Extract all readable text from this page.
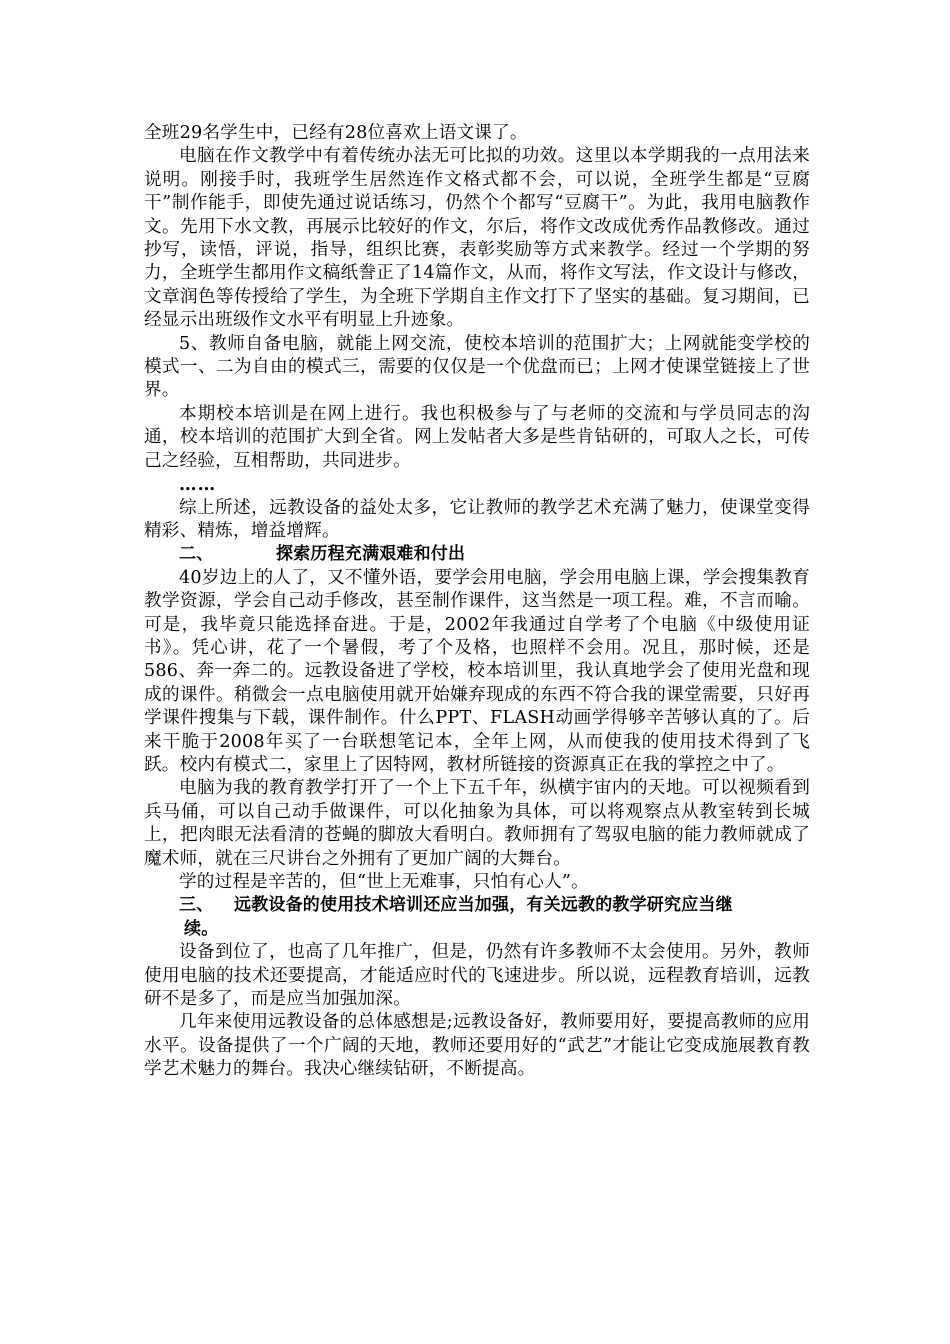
全班29名学生中，已经有28位喜欢上语文课了。

电脑在作文教学中有着传统办法无可比拟的功效。这里以本学期我的一点用法来说明。刚接手时，我班学生居然连作文格式都不会，可以说，全班学生都是“豆腐干”制作能手，即使先通过说话练习，仍然个个都写“豆腐干”。为此，我用电脑教作文。先用下水文教，再展示比较好的作文，尔后，将作文改成优秀作品教修改。通过抄写，读悟，评说，指导，组织比赛，表彰奖励等方式来教学。经过一个学期的努力，全班学生都用作文稿纸誊正了14篇作文，从而，将作文写法，作文设计与修改，文章润色等传授给了学生，为全班下学期自主作文打下了坚实的基础。复习期间，已经显示出班级作文水平有明显上升迹象。

5、教师自备电脑，就能上网交流，使校本培训的范围扩大；上网就能变学校的模式一、二为自由的模式三，需要的仅仅是一个优盘而已；上网才使课堂链接上了世界。

本期校本培训是在网上进行。我也积极参与了与老师的交流和与学员同志的沟通，校本培训的范围扩大到全省。网上发帖者大多是些肯钻研的，可取人之长，可传己之经验，互相帮助，共同进步。

……

综上所述，远教设备的益处太多，它让教师的教学艺术充满了魅力，使课堂变得精彩、精炼，增益增辉。

二、	探索历程充满艰难和付出

40岁边上的人了，又不懂外语，要学会用电脑，学会用电脑上课，学会搜集教育教学资源，学会自己动手修改，甚至制作课件，这当然是一项工程。难，不言而喻。可是，我毕竟只能选择奋进。于是，2002年我通过自学考了个电脑《中级使用证书》。凭心讲，花了一个暑假，考了个及格，也照样不会用。况且，那时候，还是586、奔一奔二的。远教设备进了学校，校本培训里，我认真地学会了使用光盘和现成的课件。稍微会一点电脑使用就开始嫌弃现成的东西不符合我的课堂需要，只好再学课件搜集与下载，课件制作。什么PPT、FLASH动画学得够辛苦够认真的了。后来干脆于2008年买了一台联想笔记本，全年上网，从而使我的使用技术得到了飞跃。校内有模式二，家里上了因特网，教材所链接的资源真正在我的掌控之中了。

电脑为我的教育教学打开了一个上下五千年，纵横宇宙内的天地。可以视频看到兵马俑，可以自己动手做课件，可以化抽象为具体，可以将观察点从教室转到长城上，把肉眼无法看清的苍蝇的脚放大看明白。教师拥有了驾驭电脑的能力教师就成了魔术师，就在三尺讲台之外拥有了更加广阔的大舞台。

学的过程是辛苦的，但“世上无难事，只怕有心人”。

三、	远教设备的使用技术培训还应当加强，有关远教的教学研究应当继
续。

设备到位了，也高了几年推广，但是，仍然有许多教师不太会使用。另外，教师使用电脑的技术还要提高，才能适应时代的飞速进步。所以说，远程教育培训，远教研不是多了，而是应当加强加深。

几年来使用远教设备的总体感想是;远教设备好，教师要用好，要提高教师的应用水平。设备提供了一个广阔的天地，教师还要用好的“武艺”才能让它变成施展教育教学艺术魅力的舞台。我决心继续钻研，不断提高。
